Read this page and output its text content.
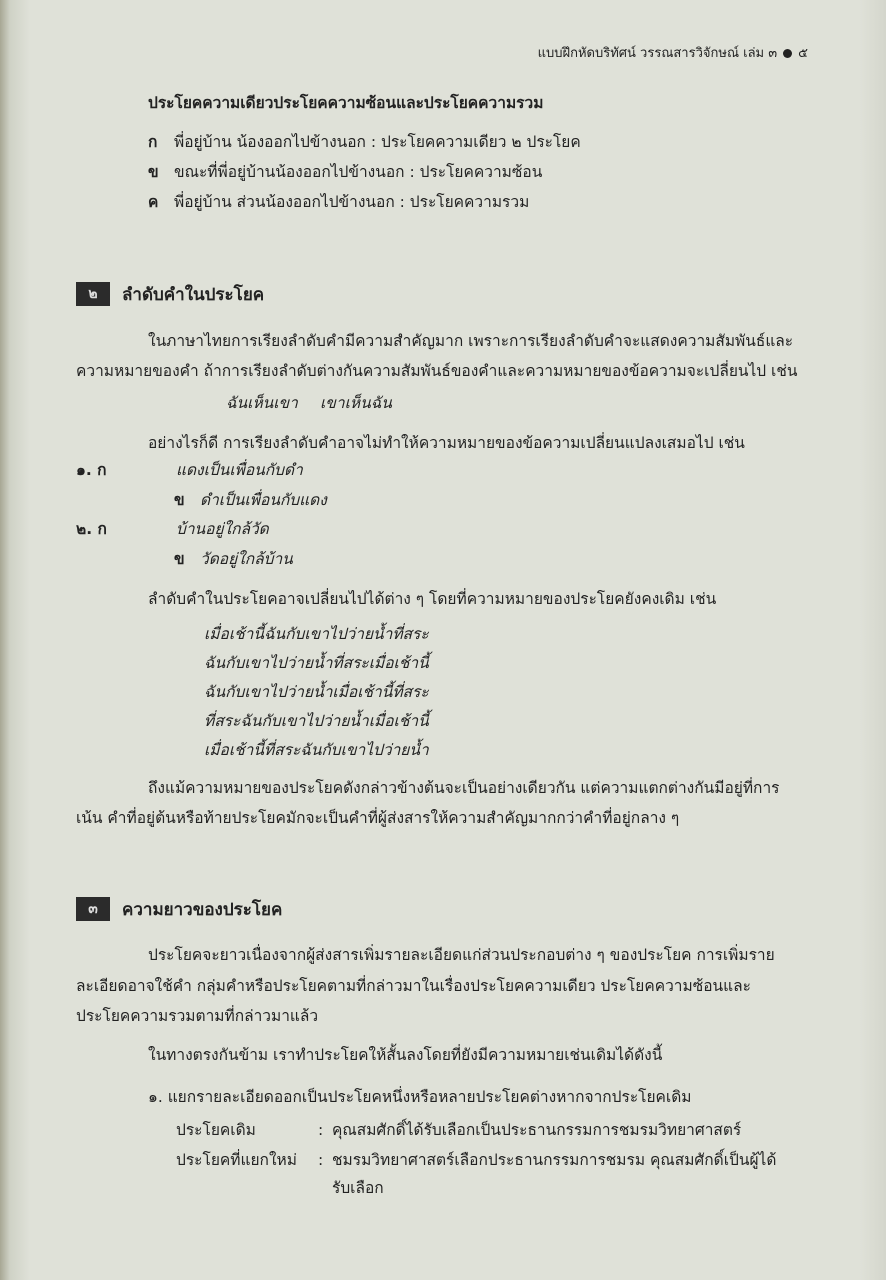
แบบฝึกหัดบริทัศน์ วรรณสารวิจักษณ์ เล่ม ๓ ๕
ประโยคความเดียวประโยคความซ้อนและประโยคความรวม
ก พี่อยู่บ้าน น้องออกไปข้างนอก : ประโยคความเดียว ๒ ประโยค
ข ขณะที่พี่อยู่บ้านน้องออกไปข้างนอก : ประโยคความซ้อน
ค พี่อยู่บ้าน ส่วนน้องออกไปข้างนอก : ประโยคความรวม
๒	ลำดับคำในประโยค
ในภาษาไทยการเรียงลำดับคำมีความสำคัญมาก เพราะการเรียงลำดับคำจะแสดงความสัมพันธ์และ
ความหมายของคำ ถ้าการเรียงลำดับต่างกันความสัมพันธ์ของคำและความหมายของข้อความจะเปลี่ยนไป เช่น
ฉันเห็นเขา เขาเห็นฉัน
อย่างไรก็ดี การเรียงลำดับคำอาจไม่ทำให้ความหมายของข้อความเปลี่ยนแปลงเสมอไป เช่น
๑. ก	แดงเป็นเพื่อนกับดำ
ข ดำเป็นเพื่อนกับแดง
๒. ก	บ้านอยู่ใกล้วัด
ข วัดอยู่ใกล้บ้าน
ลำดับคำในประโยคอาจเปลี่ยนไปได้ต่าง ๆ โดยที่ความหมายของประโยคยังคงเดิม เช่น
เมื่อเช้านี้ฉันกับเขาไปว่ายน้ำที่สระ
ฉันกับเขาไปว่ายน้ำที่สระเมื่อเช้านี้
ฉันกับเขาไปว่ายน้ำเมื่อเช้านี้ที่สระ
ที่สระฉันกับเขาไปว่ายน้ำเมื่อเช้านี้
เมื่อเช้านี้ที่สระฉันกับเขาไปว่ายน้ำ
ถึงแม้ความหมายของประโยคดังกล่าวข้างต้นจะเป็นอย่างเดียวกัน แต่ความแตกต่างกันมีอยู่ที่การ
เน้น คำที่อยู่ต้นหรือท้ายประโยคมักจะเป็นคำที่ผู้ส่งสารให้ความสำคัญมากกว่าคำที่อยู่กลาง ๆ
๓	ความยาวของประโยค
ประโยคจะยาวเนื่องจากผู้ส่งสารเพิ่มรายละเอียดแก่ส่วนประกอบต่าง ๆ ของประโยค การเพิ่มราย
ละเอียดอาจใช้คำ กลุ่มคำหรือประโยคตามที่กล่าวมาในเรื่องประโยคความเดียว ประโยคความซ้อนและ
ประโยคความรวมตามที่กล่าวมาแล้ว
ในทางตรงกันข้าม เราทำประโยคให้สั้นลงโดยที่ยังมีความหมายเช่นเดิมได้ดังนี้
๑. แยกรายละเอียดออกเป็นประโยคหนึ่งหรือหลายประโยคต่างหากจากประโยคเดิม
ประโยคเดิม	: คุณสมศักดิ์ได้รับเลือกเป็นประธานกรรมการชมรมวิทยาศาสตร์
ประโยคที่แยกใหม่ : ชมรมวิทยาศาสตร์เลือกประธานกรรมการชมรม คุณสมศักดิ์เป็นผู้ได้
รับเลือก
